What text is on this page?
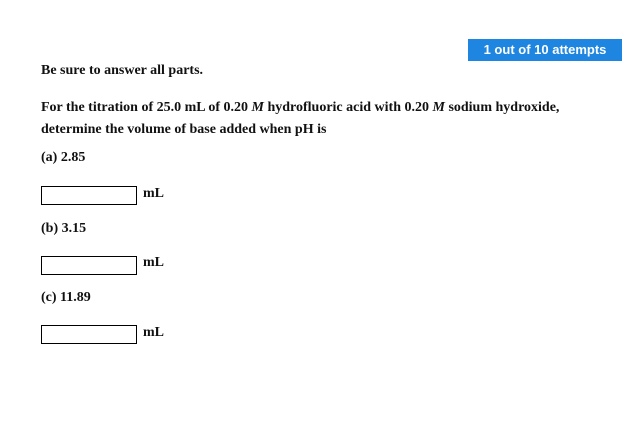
1 out of 10 attempts
Be sure to answer all parts.
For the titration of 25.0 mL of 0.20 M hydrofluoric acid with 0.20 M sodium hydroxide, determine the volume of base added when pH is
(a) 2.85
mL
(b) 3.15
mL
(c) 11.89
mL
